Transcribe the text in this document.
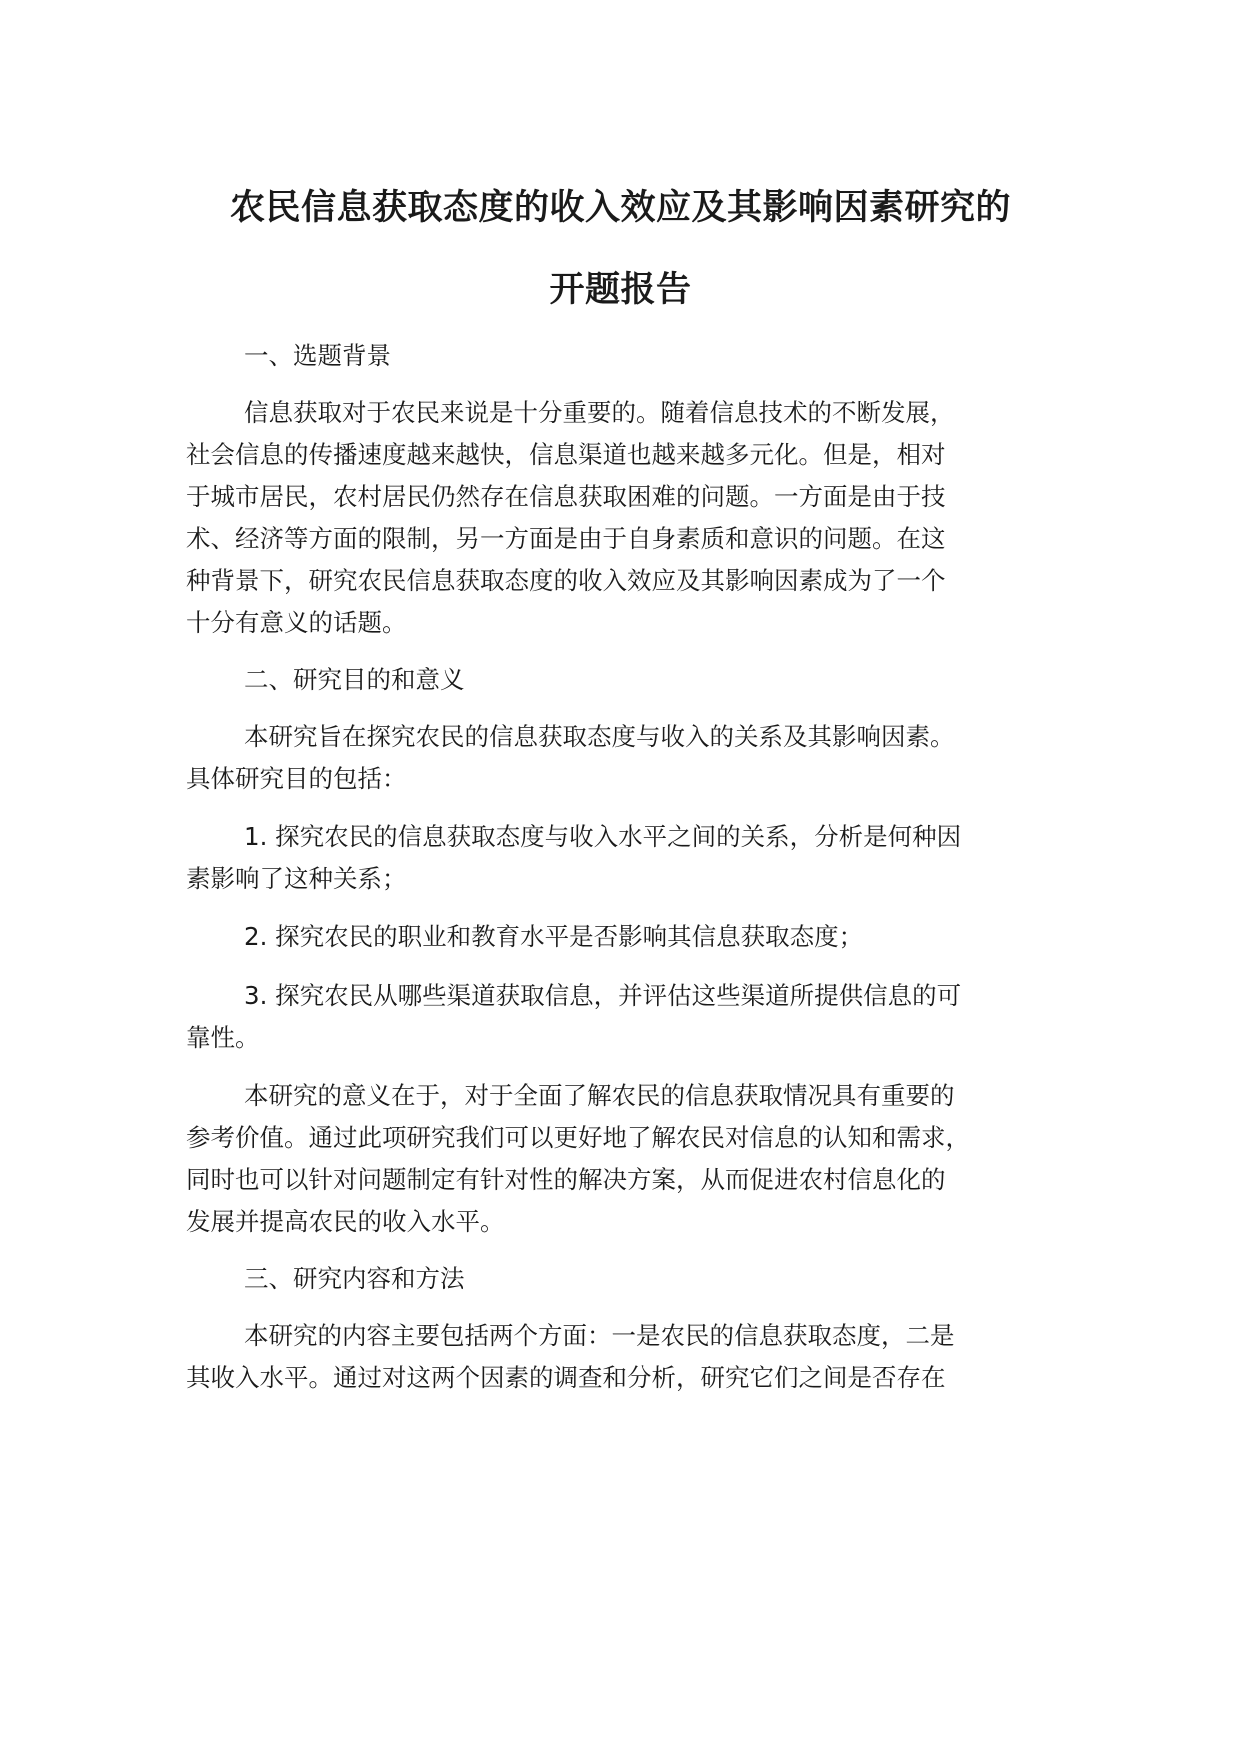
农民信息获取态度的收入效应及其影响因素研究的
开题报告
一、选题背景
信息获取对于农民来说是十分重要的。随着信息技术的不断发展，
社会信息的传播速度越来越快，信息渠道也越来越多元化。但是，相对
于城市居民，农村居民仍然存在信息获取困难的问题。一方面是由于技
术、经济等方面的限制，另一方面是由于自身素质和意识的问题。在这
种背景下，研究农民信息获取态度的收入效应及其影响因素成为了一个
十分有意义的话题。
二、研究目的和意义
本研究旨在探究农民的信息获取态度与收入的关系及其影响因素。
具体研究目的包括：
1. 探究农民的信息获取态度与收入水平之间的关系，分析是何种因
素影响了这种关系；
2. 探究农民的职业和教育水平是否影响其信息获取态度；
3. 探究农民从哪些渠道获取信息，并评估这些渠道所提供信息的可
靠性。
本研究的意义在于，对于全面了解农民的信息获取情况具有重要的
参考价值。通过此项研究我们可以更好地了解农民对信息的认知和需求，
同时也可以针对问题制定有针对性的解决方案，从而促进农村信息化的
发展并提高农民的收入水平。
三、研究内容和方法
本研究的内容主要包括两个方面：一是农民的信息获取态度，二是
其收入水平。通过对这两个因素的调查和分析，研究它们之间是否存在
